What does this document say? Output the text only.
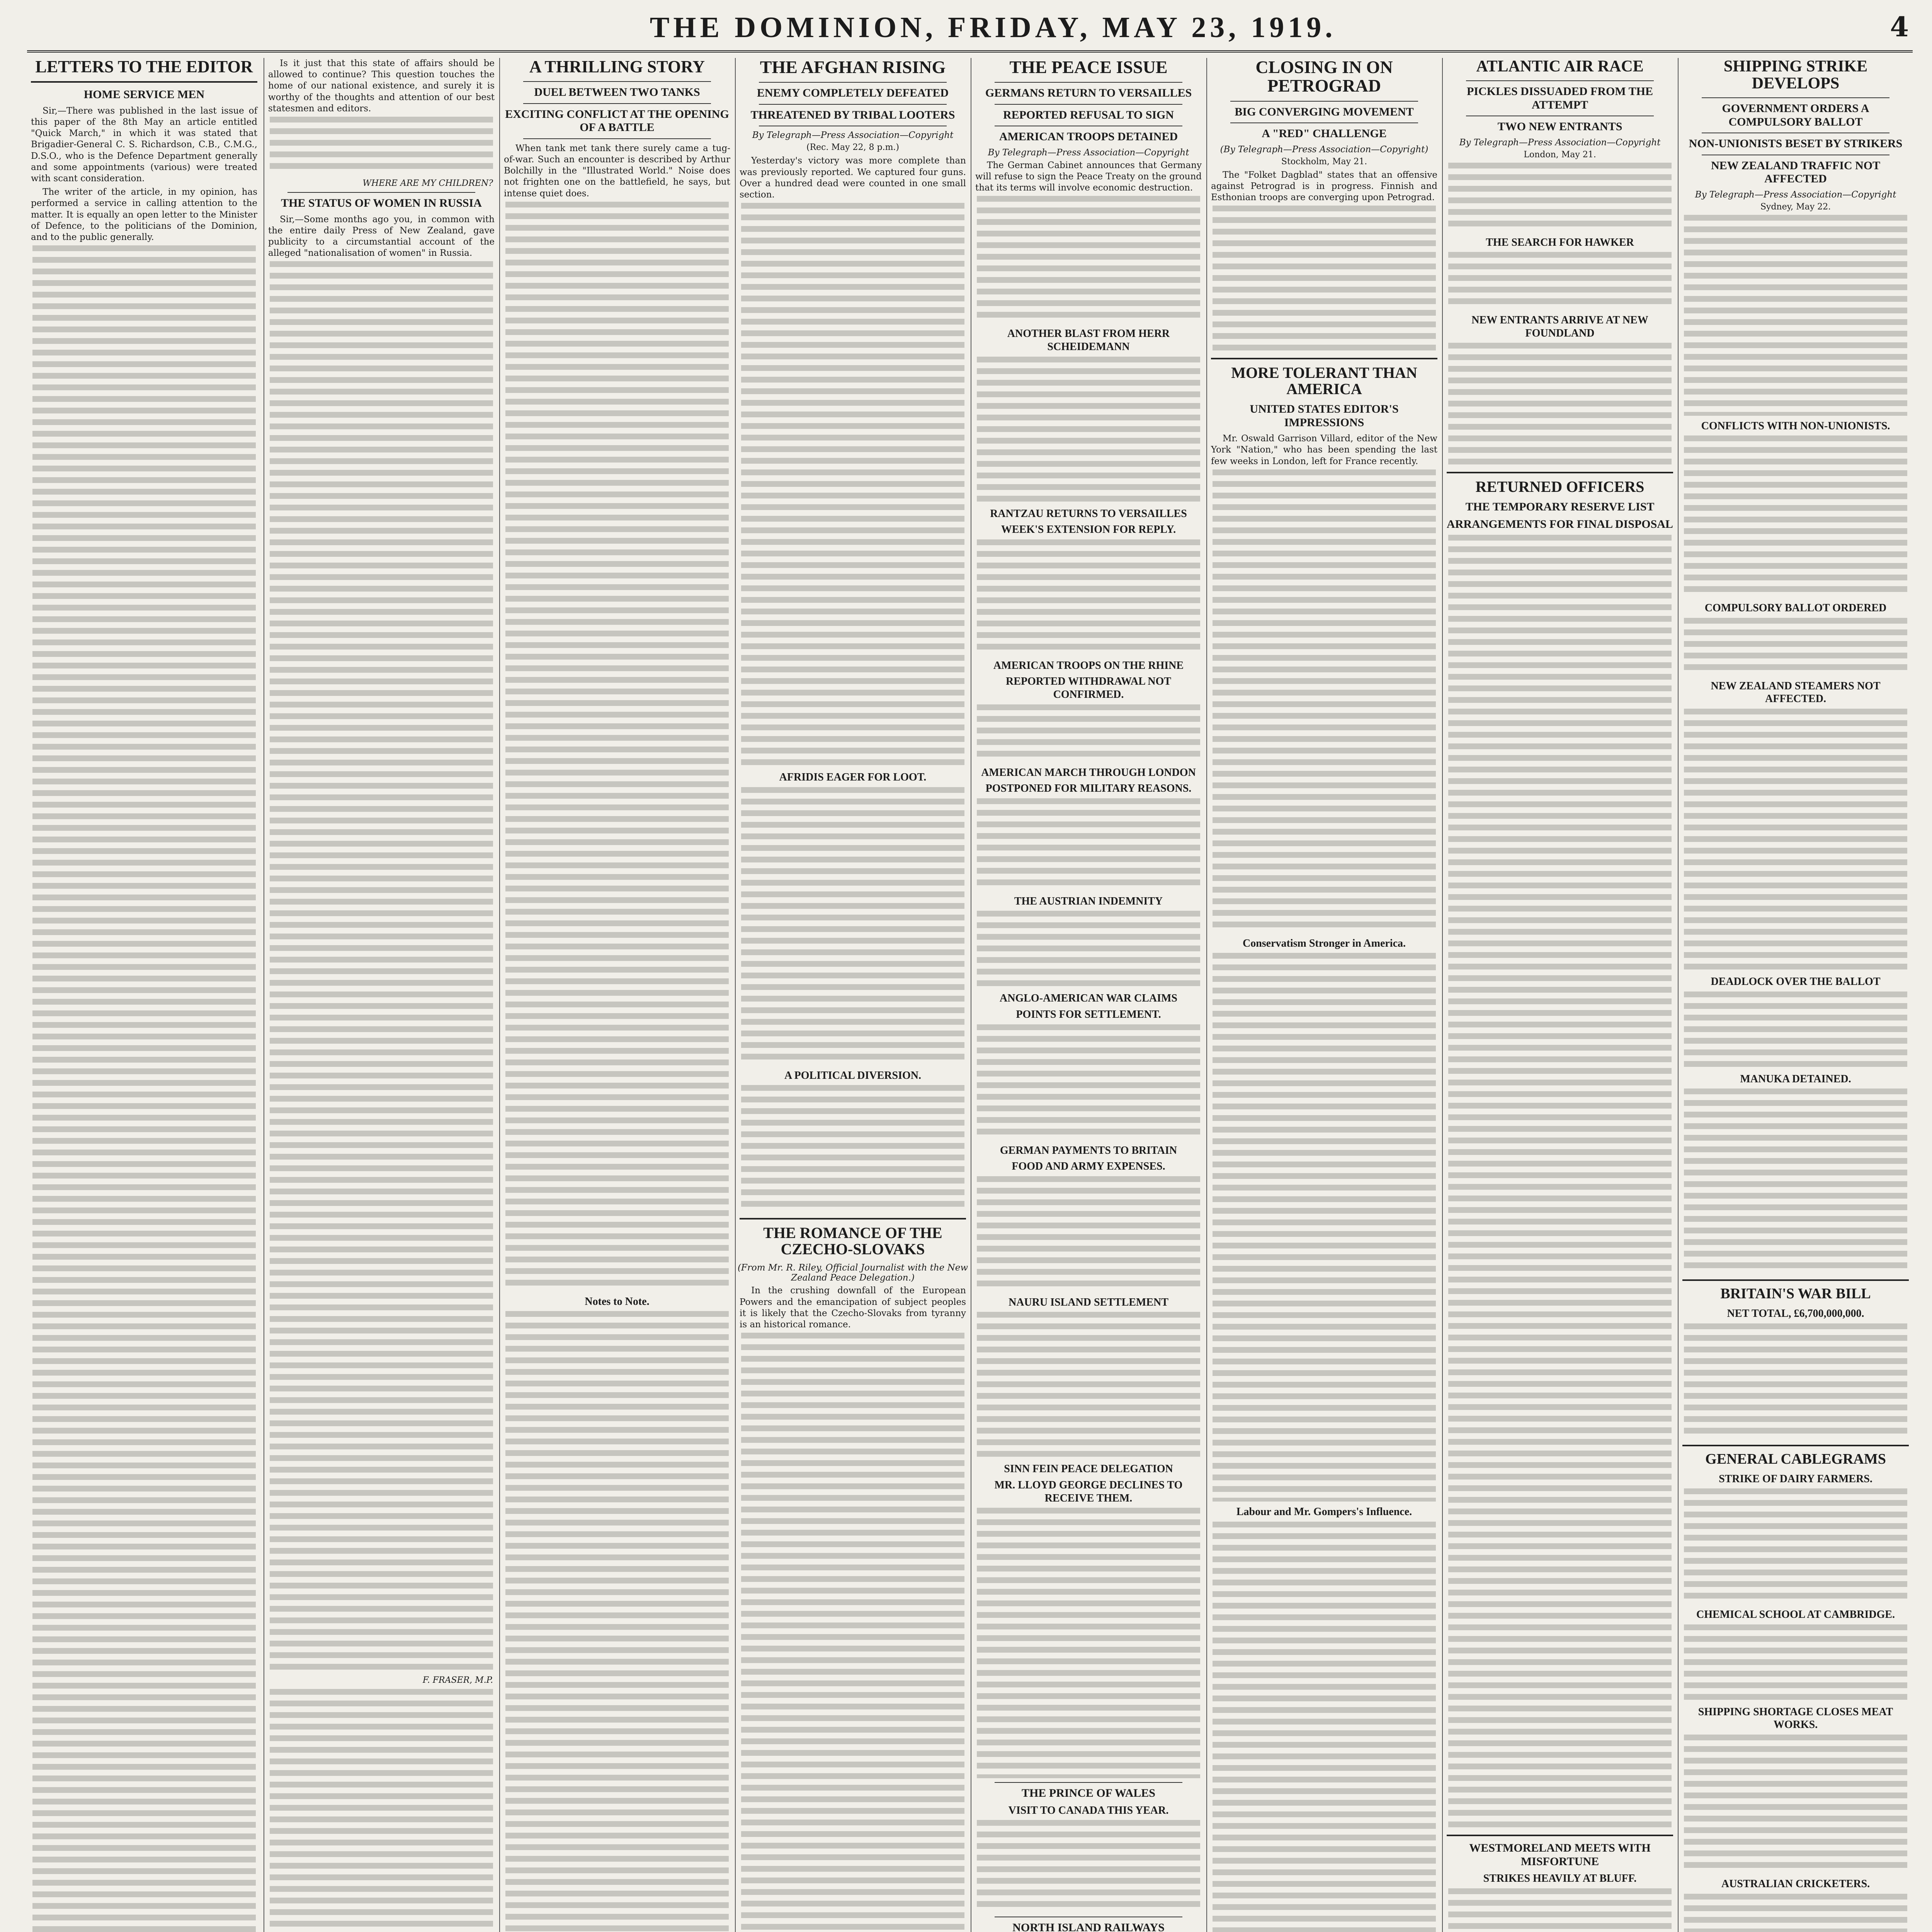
THE DOMINION, FRIDAY, MAY 23, 1919.	4
LETTERS TO THE EDITOR
HOME SERVICE MEN

Sir,—There was published in the last issue of this paper of the 8th May an article entitled "Quick March," in which it was stated that Brigadier-General C. S. Richardson, C.B., C.M.G., D.S.O., who is the Defence Department generally and some appointments (various) were treated with scant consideration.

The writer of the article, in my opinion, has performed a service in calling attention to the matter. It is equally an open letter to the Minister of Defence, to the politicians of the Dominion, and to the public generally.

Is it just that this state of affairs should be allowed to continue? This question touches the home of our national existence, and surely it is worthy of the thoughts and attention of our best statesmen and editors.

WHERE ARE MY CHILDREN?
THE STATUS OF WOMEN IN RUSSIA

Sir,—Some months ago you, in common with the entire daily Press of New Zealand, gave publicity to a circumstantial account of the alleged "nationalisation of women" in Russia.

F. FRASER, M.P.

A THRILLING STORY
DUEL BETWEEN TWO TANKS
EXCITING CONFLICT AT THE OPENING OF A BATTLE

When tank met tank there surely came a tug-of-war. Such an encounter is described by Arthur Bolchilly in the "Illustrated World." Noise does not frighten one on the battlefield, he says, but intense quiet does.

Notes to Note.

THE AFGHAN RISING
ENEMY COMPLETELY DEFEATED
THREATENED BY TRIBAL LOOTERS
By Telegraph—Press Association—Copyright
(Rec. May 22, 8 p.m.)

Yesterday's victory was more complete than was previously reported. We captured four guns. Over a hundred dead were counted in one small section.

AFRIDIS EAGER FOR LOOT.
A POLITICAL DIVERSION.
THE ROMANCE OF THE CZECHO-SLOVAKS
(From Mr. R. Riley, Official Journalist with the New Zealand Peace Delegation.)

In the crushing downfall of the European Powers and the emancipation of subject peoples it is likely that the Czecho-Slovaks from tyranny is an historical romance.

THE PEACE ISSUE
GERMANS RETURN TO VERSAILLES
REPORTED REFUSAL TO SIGN
AMERICAN TROOPS DETAINED
By Telegraph—Press Association—Copyright

The German Cabinet announces that Germany will refuse to sign the Peace Treaty on the ground that its terms will involve economic destruction.

ANOTHER BLAST FROM HERR SCHEIDEMANN
RANTZAU RETURNS TO VERSAILLES
WEEK'S EXTENSION FOR REPLY.
AMERICAN TROOPS ON THE RHINE
REPORTED WITHDRAWAL NOT CONFIRMED.
AMERICAN MARCH THROUGH LONDON
POSTPONED FOR MILITARY REASONS.
THE AUSTRIAN INDEMNITY
ANGLO-AMERICAN WAR CLAIMS
POINTS FOR SETTLEMENT.
GERMAN PAYMENTS TO BRITAIN
FOOD AND ARMY EXPENSES.
NAURU ISLAND SETTLEMENT
SINN FEIN PEACE DELEGATION
MR. LLOYD GEORGE DECLINES TO RECEIVE THEM.
THE PRINCE OF WALES
VISIT TO CANADA THIS YEAR.
NORTH ISLAND RAILWAYS
CLOSING IN ON PETROGRAD
BIG CONVERGING MOVEMENT
A "RED" CHALLENGE
(By Telegraph—Press Association—Copyright)
Stockholm, May 21.

The "Folket Dagblad" states that an offensive against Petrograd is in progress. Finnish and Esthonian troops are converging upon Petrograd.

MORE TOLERANT THAN AMERICA
UNITED STATES EDITOR'S IMPRESSIONS

Mr. Oswald Garrison Villard, editor of the New York "Nation," who has been spending the last few weeks in London, left for France recently.

Conservatism Stronger in America.
Labour and Mr. Gompers's Influence.
ATLANTIC AIR RACE
PICKLES DISSUADED FROM THE ATTEMPT
TWO NEW ENTRANTS
By Telegraph—Press Association—Copyright
London, May 21.
THE SEARCH FOR HAWKER
NEW ENTRANTS ARRIVE AT NEW FOUNDLAND
RETURNED OFFICERS
THE TEMPORARY RESERVE LIST
ARRANGEMENTS FOR FINAL DISPOSAL
WESTMORELAND MEETS WITH MISFORTUNE
STRIKES HEAVILY AT BLUFF.
SHIPPING STRIKE DEVELOPS
GOVERNMENT ORDERS A COMPULSORY BALLOT
NON-UNIONISTS BESET BY STRIKERS
NEW ZEALAND TRAFFIC NOT AFFECTED
By Telegraph—Press Association—Copyright
Sydney, May 22.
CONFLICTS WITH NON-UNIONISTS.
COMPULSORY BALLOT ORDERED
NEW ZEALAND STEAMERS NOT AFFECTED.
DEADLOCK OVER THE BALLOT
MANUKA DETAINED.
BRITAIN'S WAR BILL
NET TOTAL, £6,700,000,000.
GENERAL CABLEGRAMS
STRIKE OF DAIRY FARMERS.
CHEMICAL SCHOOL AT CAMBRIDGE.
SHIPPING SHORTAGE CLOSES MEAT WORKS.
AUSTRALIAN CRICKETERS.
